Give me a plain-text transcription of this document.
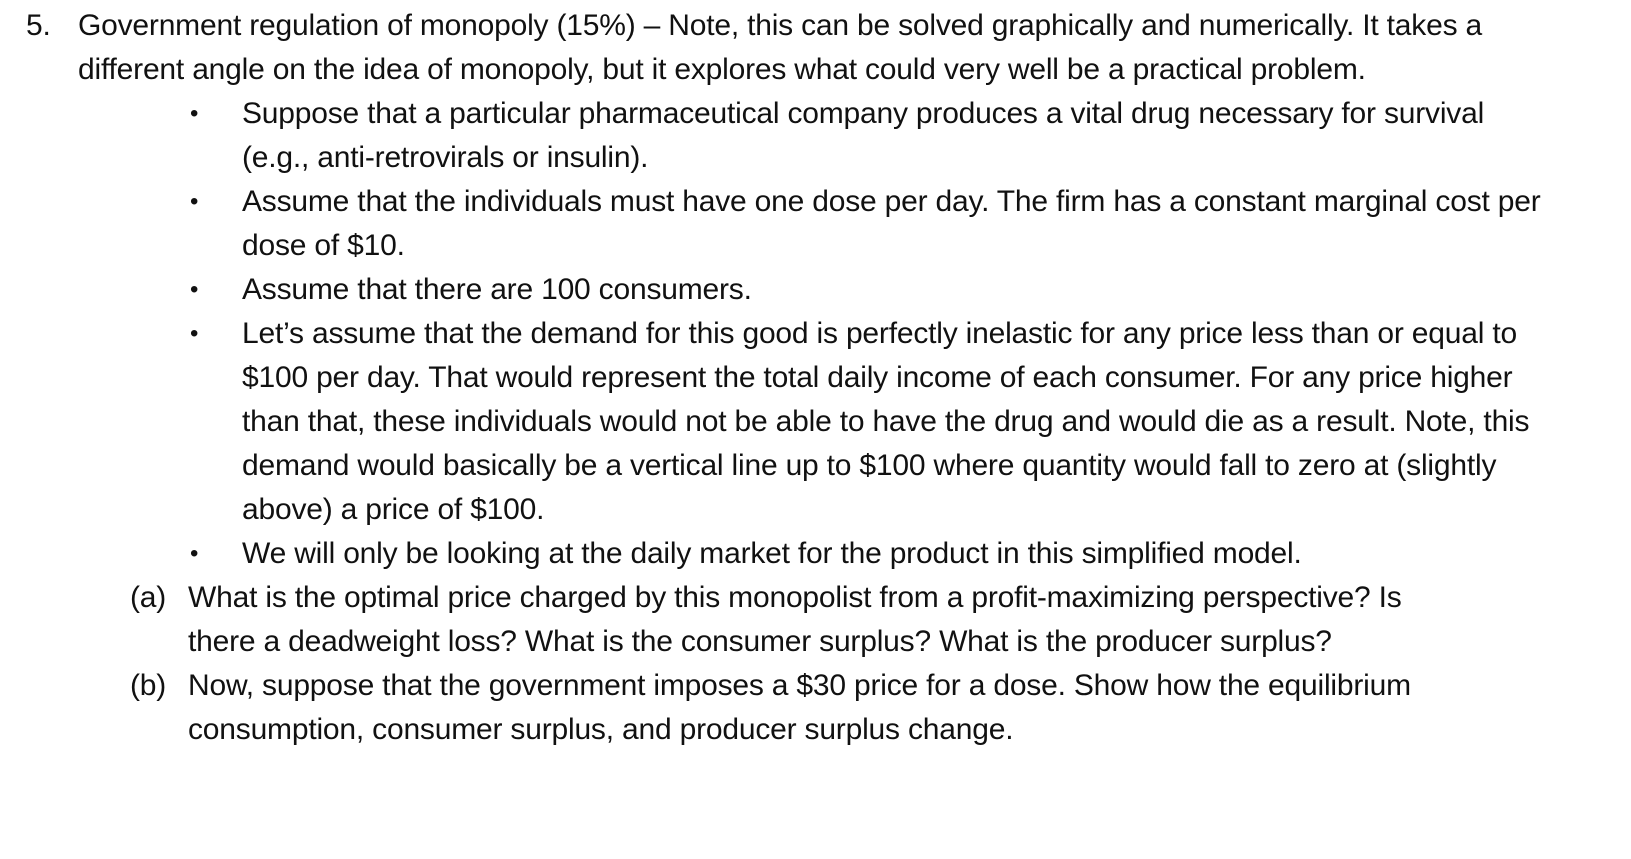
5. Government regulation of monopoly (15%) – Note, this can be solved graphically and numerically. It takes a different angle on the idea of monopoly, but it explores what could very well be a practical problem.
• Suppose that a particular pharmaceutical company produces a vital drug necessary for survival (e.g., anti-retrovirals or insulin).
• Assume that the individuals must have one dose per day. The firm has a constant marginal cost per dose of $10.
• Assume that there are 100 consumers.
• Let’s assume that the demand for this good is perfectly inelastic for any price less than or equal to $100 per day. That would represent the total daily income of each consumer. For any price higher than that, these individuals would not be able to have the drug and would die as a result. Note, this demand would basically be a vertical line up to $100 where quantity would fall to zero at (slightly above) a price of $100.
• We will only be looking at the daily market for the product in this simplified model.
(a) What is the optimal price charged by this monopolist from a profit-maximizing perspective? Is there a deadweight loss? What is the consumer surplus? What is the producer surplus?
(b) Now, suppose that the government imposes a $30 price for a dose. Show how the equilibrium consumption, consumer surplus, and producer surplus change.
